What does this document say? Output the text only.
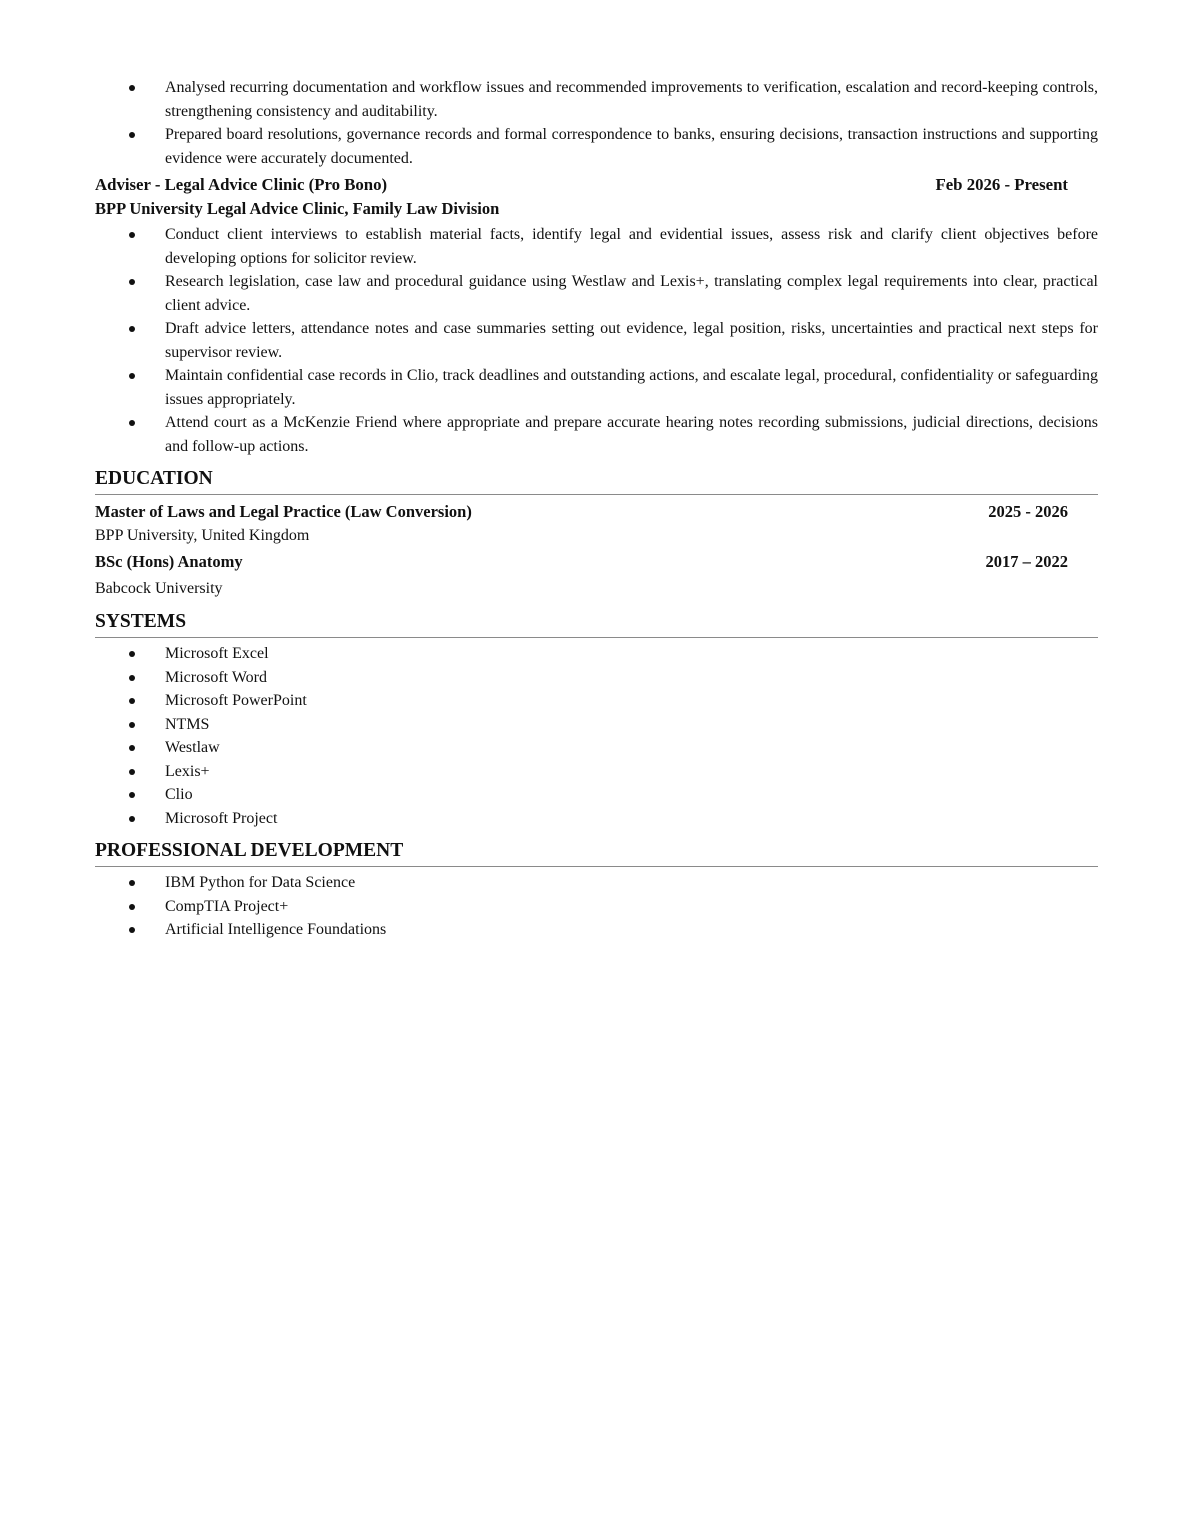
Analysed recurring documentation and workflow issues and recommended improvements to verification, escalation and record-keeping controls, strengthening consistency and auditability.
Prepared board resolutions, governance records and formal correspondence to banks, ensuring decisions, transaction instructions and supporting evidence were accurately documented.
Adviser - Legal Advice Clinic (Pro Bono)	Feb 2026 - Present
BPP University Legal Advice Clinic, Family Law Division
Conduct client interviews to establish material facts, identify legal and evidential issues, assess risk and clarify client objectives before developing options for solicitor review.
Research legislation, case law and procedural guidance using Westlaw and Lexis+, translating complex legal requirements into clear, practical client advice.
Draft advice letters, attendance notes and case summaries setting out evidence, legal position, risks, uncertainties and practical next steps for supervisor review.
Maintain confidential case records in Clio, track deadlines and outstanding actions, and escalate legal, procedural, confidentiality or safeguarding issues appropriately.
Attend court as a McKenzie Friend where appropriate and prepare accurate hearing notes recording submissions, judicial directions, decisions and follow-up actions.
EDUCATION
Master of Laws and Legal Practice (Law Conversion)	2025 - 2026
BPP University, United Kingdom
BSc (Hons) Anatomy	2017 – 2022
Babcock University
SYSTEMS
Microsoft Excel
Microsoft Word
Microsoft PowerPoint
NTMS
Westlaw
Lexis+
Clio
Microsoft Project
PROFESSIONAL DEVELOPMENT
IBM Python for Data Science
CompTIA Project+
Artificial Intelligence Foundations
